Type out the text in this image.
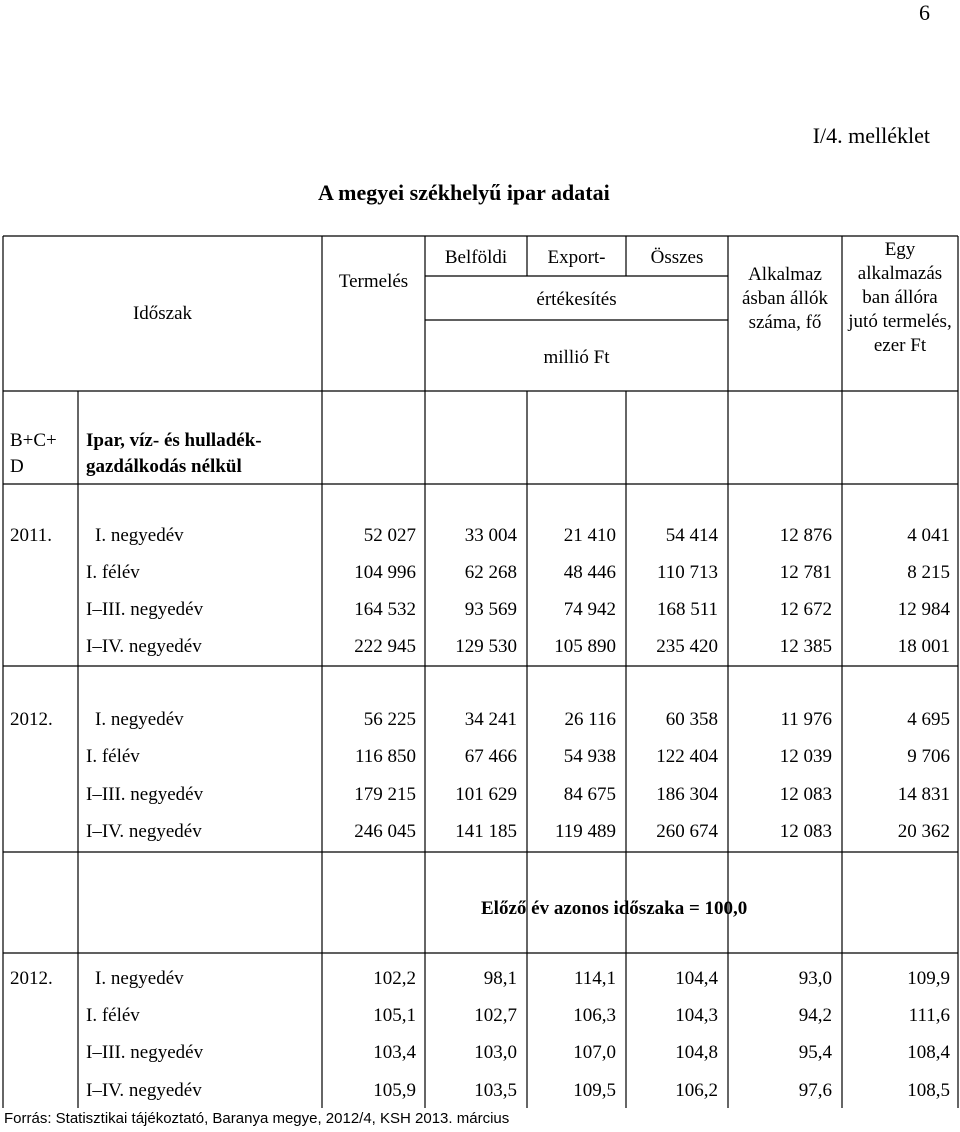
6
I/4. melléklet
A megyei székhelyű ipar adatai
Időszak
Termelés
Belföldi	Export-	Összes
értékesítés
millió Ft
Alkalmaz ásban állók száma, fő
Egy alkalmazás ban állóra jutó termelés, ezer Ft
B+C+ D
Ipar, víz- és hulladék-gazdálkodás nélkül
Előző év azonos időszaka = 100,0
2011. I. negyedév	52 027	33 004	21 410	54 414	12 876	4 041
I. félév	104 996	62 268	48 446	110 713	12 781	8 215
I–III. negyedév	164 532	93 569	74 942	168 511	12 672	12 984
I–IV. negyedév	222 945	129 530	105 890	235 420	12 385	18 001
2012. I. negyedév	56 225	34 241	26 116	60 358	11 976	4 695
I. félév	116 850	67 466	54 938	122 404	12 039	9 706
I–III. negyedév	179 215	101 629	84 675	186 304	12 083	14 831
I–IV. negyedév	246 045	141 185	119 489	260 674	12 083	20 362
2012. I. negyedév	102,2	98,1	114,1	104,4	93,0	109,9
I. félév	105,1	102,7	106,3	104,3	94,2	111,6
I–III. negyedév	103,4	103,0	107,0	104,8	95,4	108,4
I–IV. negyedév	105,9	103,5	109,5	106,2	97,6	108,5
Forrás: Statisztikai tájékoztató, Baranya megye, 2012/4, KSH 2013. március
